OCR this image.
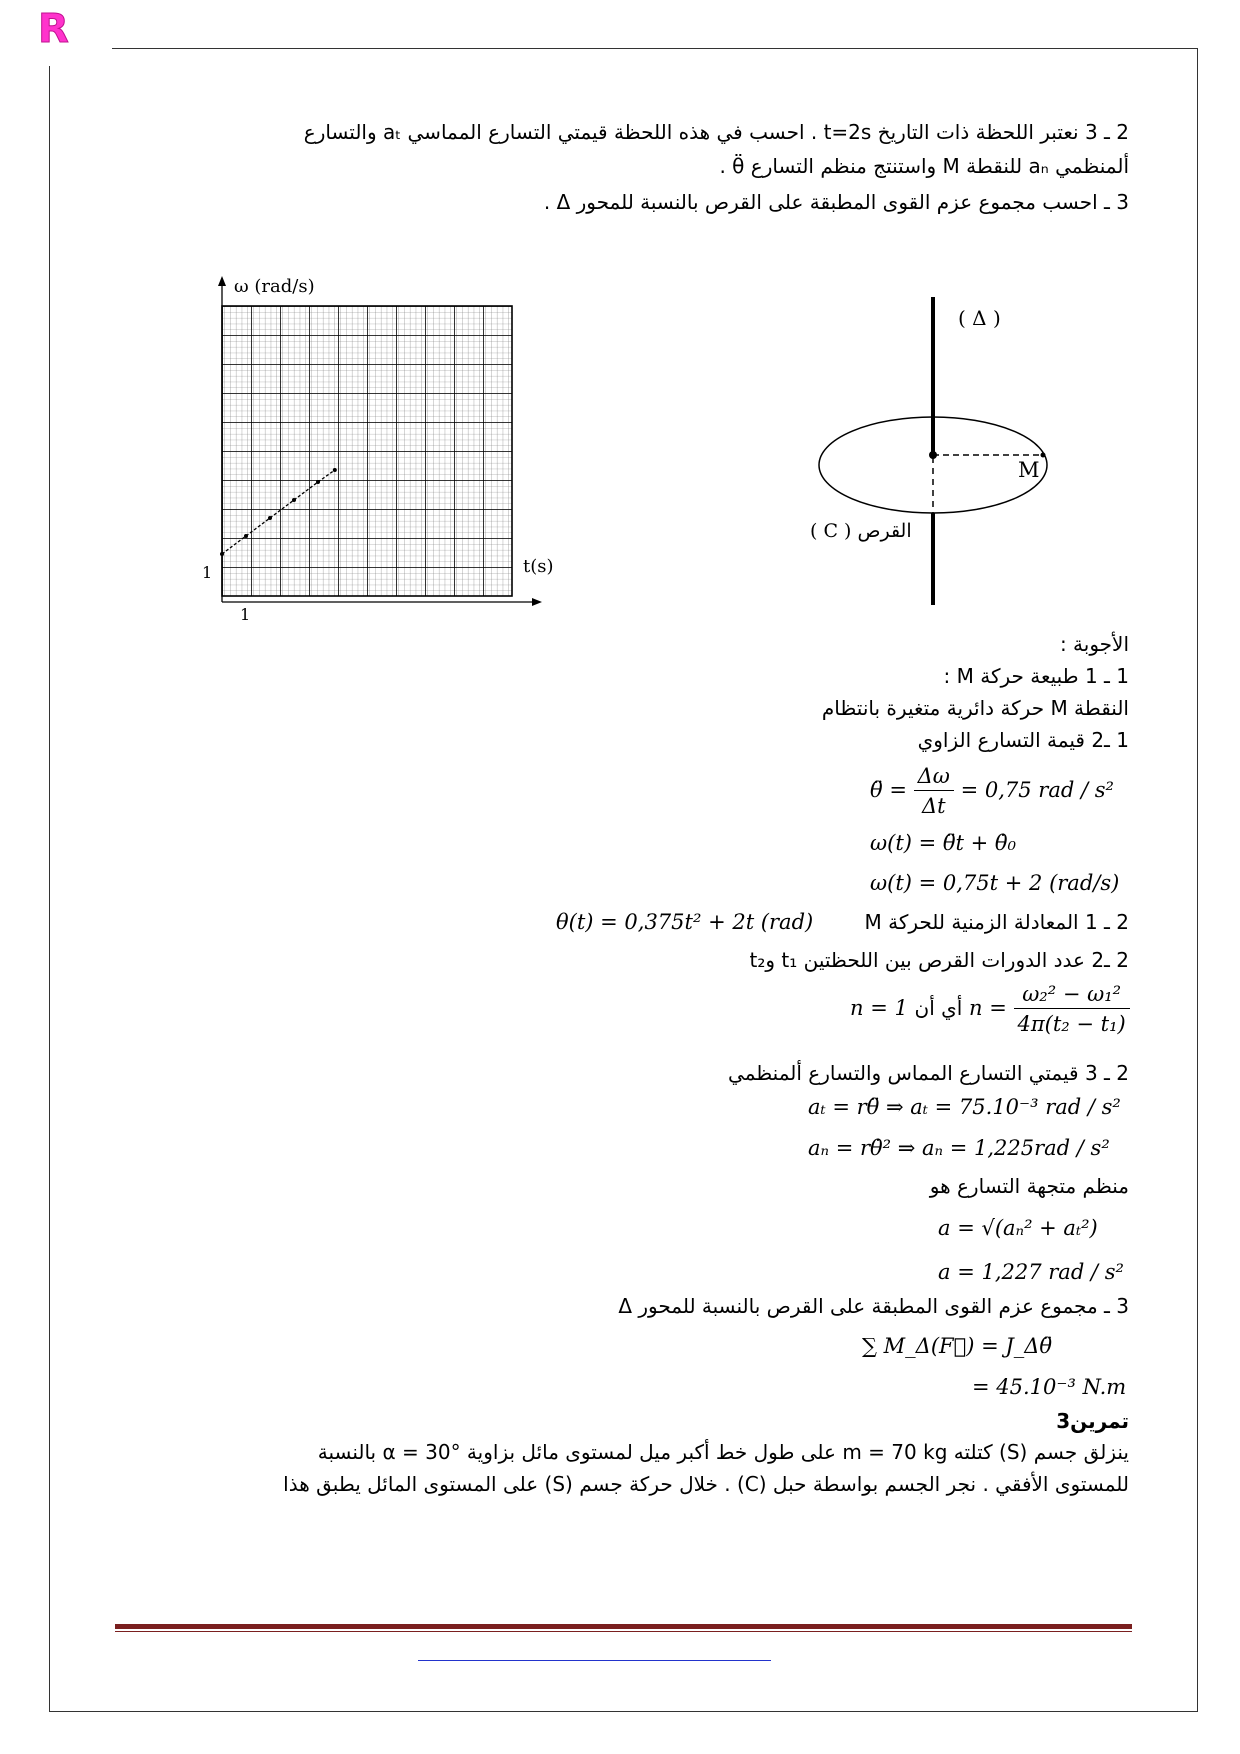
R
2 ـ 3 نعتبر اللحظة ذات التاريخ t=2s . احسب في هذه اللحظة قيمتي التسارع المماسي aₜ والتسارع
ألمنظمي aₙ للنقطة M واستنتج منظم التسارع θ̈ .
3 ـ احسب مجموع عزم القوى المطبقة على القرص بالنسبة للمحور Δ .
ω (rad/s)
t(s)
1
1
( Δ )
M
( C ) القرص
الأجوبة :
1 ـ 1 طبيعة حركة M :
النقطة M حركة دائرية متغيرة بانتظام
1 ـ2 قيمة التسارع الزاوي
θ̈ = $\frac{\Delta\omega}{\Delta t} = 0,75$ rad / s²
ω(t) = θ̈t + θ̇₀
ω(t) = 0,75t + 2 (rad/s)
2 ـ 1 المعادلة الزمنية للحركة M
θ(t) = 0,375t² + 2t (rad)
2 ـ2 عدد الدورات القرص بين اللحظتين t₁ وt₂
n = 1 أي أن $n = \frac{\text{ω₂² − ω₁²}}{\text{4π(t₂ − t₁)}}$
2 ـ 3 قيمتي التسارع المماس والتسارع ألمنظمي
aₜ = rθ̈ ⇒ aₜ = 75.10⁻³ rad / s²
aₙ = rθ̇² ⇒ aₙ = 1,225rad / s²
منظم متجهة التسارع هو
a = √(aₙ² + aₜ²)
a = 1,227 rad / s²
3 ـ مجموع عزم القوى المطبقة على القرص بالنسبة للمحور Δ
∑ M_Δ(F⃗) = J_Δθ̈
= 45.10⁻³ N.m
تمرين3
ينزلق جسم (S) كتلته m = 70 kg على طول خط أكبر ميل لمستوى مائل بزاوية α = 30° بالنسبة
للمستوى الأفقي . نجر الجسم بواسطة حبل (C) . خلال حركة جسم (S) على المستوى المائل يطبق هذا
